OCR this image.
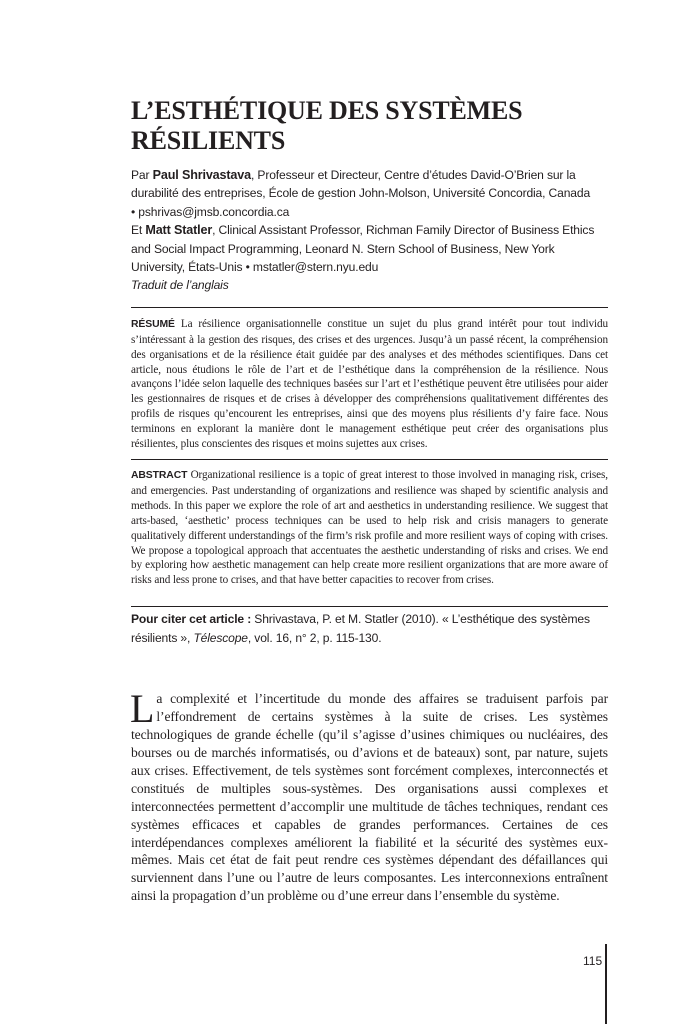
L’ESTHÉTIQUE DES SYSTÈMES RÉSILIENTS

Par Paul Shrivastava, Professeur et Directeur, Centre d’études David-O’Brien sur la durabilité des entreprises, École de gestion John-Molson, Université Concordia, Canada
• pshrivas@jmsb.concordia.ca

Et Matt Statler, Clinical Assistant Professor, Richman Family Director of Business Ethics and Social Impact Programming, Leonard N. Stern School of Business, New York University, États-Unis • mstatler@stern.nyu.edu

Traduit de l’anglais

RÉSUMÉ La résilience organisationnelle constitue un sujet du plus grand intérêt pour tout individu s’intéressant à la gestion des risques, des crises et des urgences. Jusqu’à un passé récent, la compréhension des organisations et de la résilience était guidée par des analyses et des méthodes scientifiques. Dans cet article, nous étudions le rôle de l’art et de l’esthétique dans la compréhension de la résilience. Nous avançons l’idée selon laquelle des techniques basées sur l’art et l’esthétique peuvent être utilisées pour aider les gestionnaires de risques et de crises à développer des compréhensions qualitativement différentes des profils de risques qu’encourent les entreprises, ainsi que des moyens plus résilients d’y faire face. Nous terminons en explorant la manière dont le management esthétique peut créer des organisations plus résilientes, plus conscientes des risques et moins sujettes aux crises.

ABSTRACT Organizational resilience is a topic of great interest to those involved in managing risk, crises, and emergencies. Past understanding of organizations and resilience was shaped by scientific analysis and methods. In this paper we explore the role of art and aesthetics in understanding resilience. We suggest that arts-based, ‘aesthetic’ process techniques can be used to help risk and crisis managers to generate qualitatively different understandings of the firm’s risk profile and more resilient ways of coping with crises. We propose a topological approach that accentuates the aesthetic understanding of risks and crises. We end by exploring how aesthetic management can help create more resilient organizations that are more aware of risks and less prone to crises, and that have better capacities to recover from crises.

Pour citer cet article : Shrivastava, P. et M. Statler (2010). « L’esthétique des systèmes résilients », Télescope, vol. 16, n° 2, p. 115-130.

La complexité et l’incertitude du monde des affaires se traduisent parfois par l’effondrement de certains systèmes à la suite de crises. Les systèmes technologiques de grande échelle (qu’il s’agisse d’usines chimiques ou nucléaires, des bourses ou de marchés informatisés, ou d’avions et de bateaux) sont, par nature, sujets aux crises. Effectivement, de tels systèmes sont forcément complexes, interconnectés et constitués de multiples sous-systèmes. Des organisations aussi complexes et interconnectées permettent d’accomplir une multitude de tâches techniques, rendant ces systèmes efficaces et capables de grandes performances. Certaines de ces interdépendances complexes améliorent la fiabilité et la sécurité des systèmes eux-mêmes. Mais cet état de fait peut rendre ces systèmes dépendant des défaillances qui surviennent dans l’une ou l’autre de leurs composantes. Les interconnexions entraînent ainsi la propagation d’un problème ou d’une erreur dans l’ensemble du système.

115
